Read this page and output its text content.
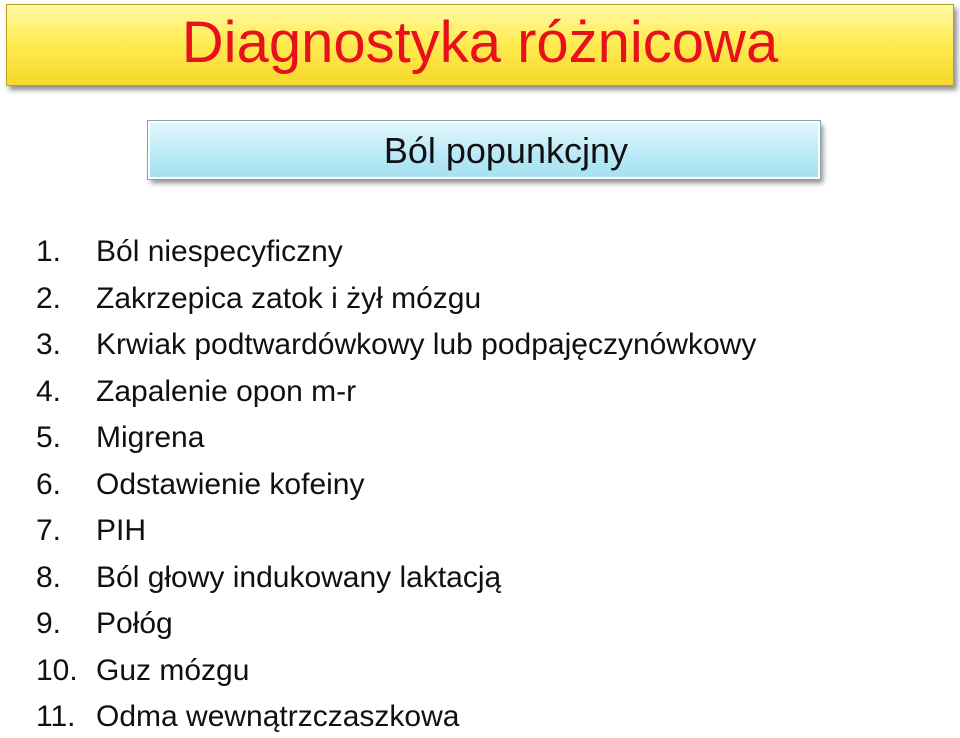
Diagnostyka różnicowa
Ból popunkcjny
1.	Ból niespecyficzny
2.	Zakrzepica zatok i żył mózgu
3.	Krwiak podtwardówkowy lub podpajęczynówkowy
4.	Zapalenie opon m-r
5.	Migrena
6.	Odstawienie kofeiny
7.	PIH
8.	Ból głowy indukowany laktacją
9.	Połóg
10. Guz mózgu
11. Odma wewnątrzczaszkowa
